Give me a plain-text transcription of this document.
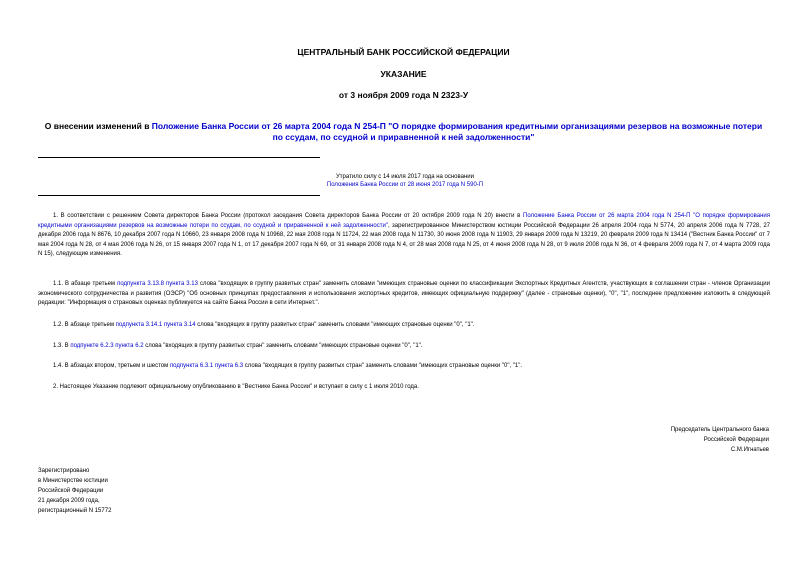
ЦЕНТРАЛЬНЫЙ БАНК РОССИЙСКОЙ ФЕДЕРАЦИИ
УКАЗАНИЕ
от 3 ноября 2009 года N 2323-У
О внесении изменений в Положение Банка России от 26 марта 2004 года N 254-П "О порядке формирования кредитными организациями резервов на возможные потери по ссудам, по ссудной и приравненной к ней задолженности"
Утратило силу с 14 июля 2017 года на основании
Положения Банка России от 28 июня 2017 года N 590-П
1. В соответствии с решением Совета директоров Банка России (протокол заседания Совета директоров Банка России от 20 октября 2009 года N 20) внести в Положение Банка России от 26 марта 2004 года N 254-П "О порядке формирования кредитными организациями резервов на возможные потери по ссудам, по ссудной и приравненной к ней задолженности", зарегистрированное Министерством юстиции Российской Федерации 26 апреля 2004 года N 5774, 20 апреля 2006 года N 7728, 27 декабря 2006 года N 8676, 10 декабря 2007 года N 10660, 23 января 2008 года N 10968, 22 мая 2008 года N 11724, 22 мая 2008 года N 11730, 30 июня 2008 года N 11903, 29 января 2009 года N 13219, 20 февраля 2009 года N 13414 ("Вестник Банка России" от 7 мая 2004 года N 28, от 4 мая 2006 года N 26, от 15 января 2007 года N 1, от 17 декабря 2007 года N 69, от 31 января 2008 года N 4, от 28 мая 2008 года N 25, от 4 июня 2008 года N 28, от 9 июля 2008 года N 36, от 4 февраля 2009 года N 7, от 4 марта 2009 года N 15), следующие изменения.
1.1. В абзаце третьем подпункта 3.13.8 пункта 3.13 слова "входящих в группу развитых стран" заменить словами "имеющих страновые оценки по классификации Экспортных Кредитных Агентств, участвующих в соглашении стран - членов Организации экономического сотрудничества и развития (ОЭСР) "Об основных принципах предоставления и использования экспортных кредитов, имеющих официальную поддержку" (далее - страновые оценки), "0", "1", последнее предложение изложить в следующей редакции: "Информация о страновых оценках публикуется на сайте Банка России в сети Интернет.".
1.2. В абзаце третьем подпункта 3.14.1 пункта 3.14 слова "входящих в группу развитых стран" заменить словами "имеющих страновые оценки "0", "1".
1.3. В подпункте 6.2.3 пункта 6.2 слова "входящих в группу развитых стран" заменить словами "имеющих страновые оценки "0", "1".
1.4. В абзацах втором, третьем и шестом подпункта 6.3.1 пункта 6.3 слова "входящих в группу развитых стран" заменить словами "имеющих страновые оценки "0", "1".
2. Настоящее Указание подлежит официальному опубликованию в "Вестнике Банка России" и вступает в силу с 1 июля 2010 года.
Председатель Центрального банка
Российской Федерации
С.М.Игнатьев
Зарегистрировано
в Министерстве юстиции
Российской Федерации
21 декабря 2009 года,
регистрационный N 15772
